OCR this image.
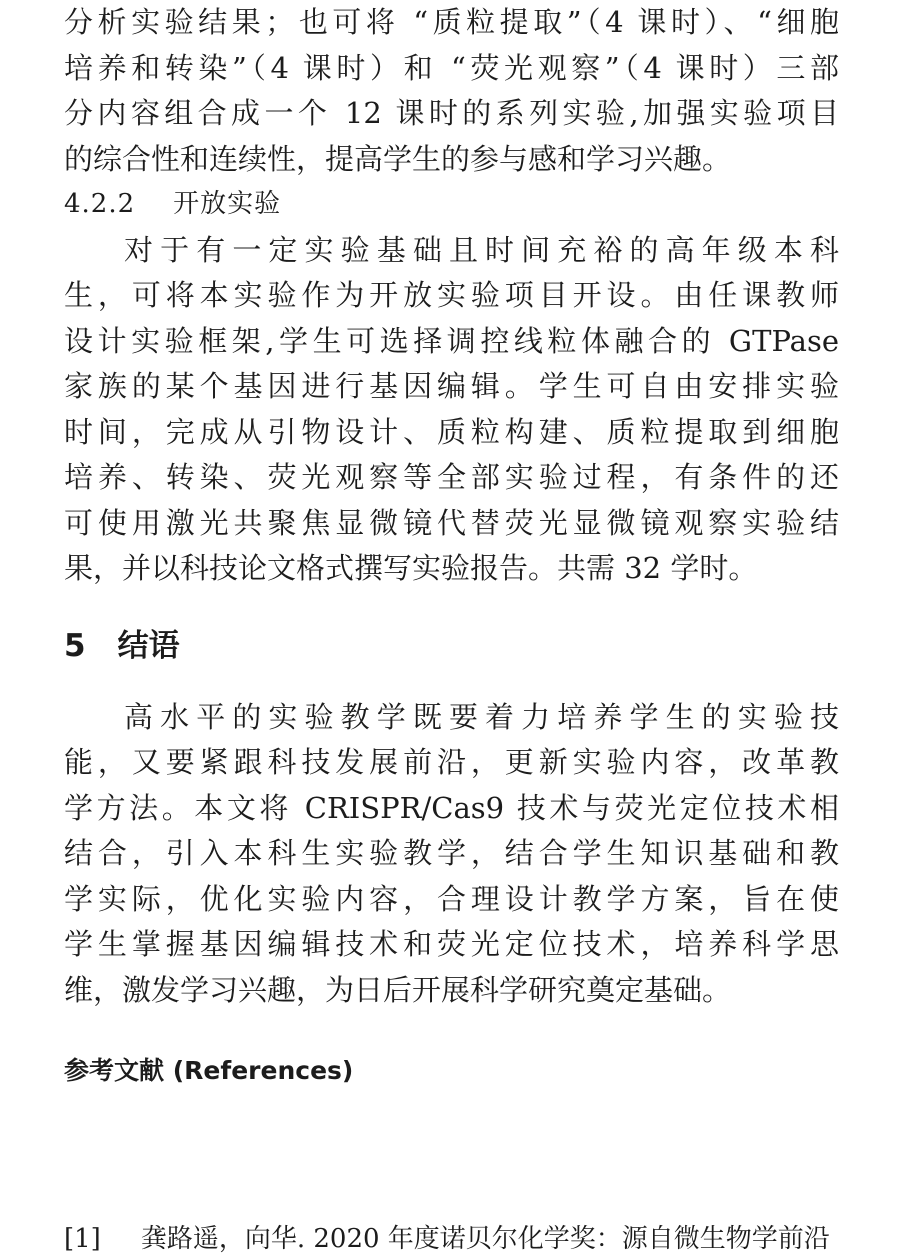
分析实验结果；也可将 “质粒提取”（4 课时）、“细胞
培养和转染”（4 课时）和 “荧光观察”（4 课时）三部
分内容组合成一个 12 课时的系列实验,加强实验项目
的综合性和连续性，提高学生的参与感和学习兴趣。
4.2.2 开放实验
对于有一定实验基础且时间充裕的高年级本科
生，可将本实验作为开放实验项目开设。由任课教师
设计实验框架,学生可选择调控线粒体融合的 GTPase
家族的某个基因进行基因编辑。学生可自由安排实验
时间，完成从引物设计、质粒构建、质粒提取到细胞
培养、转染、荧光观察等全部实验过程，有条件的还
可使用激光共聚焦显微镜代替荧光显微镜观察实验结
果，并以科技论文格式撰写实验报告。共需 32 学时。
5 结语
高水平的实验教学既要着力培养学生的实验技
能，又要紧跟科技发展前沿，更新实验内容，改革教
学方法。本文将 CRISPR/Cas9 技术与荧光定位技术相
结合，引入本科生实验教学，结合学生知识基础和教
学实际，优化实验内容，合理设计教学方案，旨在使
学生掌握基因编辑技术和荧光定位技术，培养科学思
维，激发学习兴趣，为日后开展科学研究奠定基础。
参考文献 (References)
[1] 龚路遥，向华. 2020 年度诺贝尔化学奖：源自微生物学前沿
